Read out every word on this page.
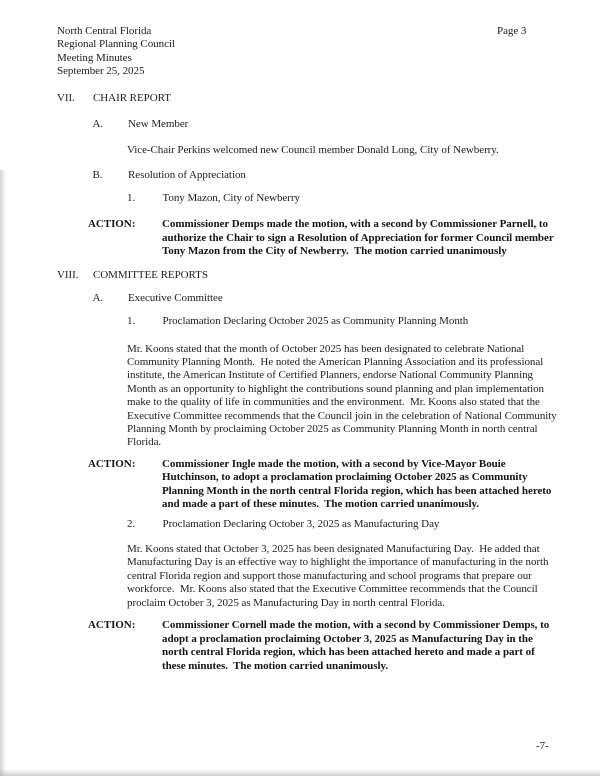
North Central Florida
Regional Planning Council
Meeting Minutes
September 25, 2025
Page 3
VII.	CHAIR REPORT
A.	New Member
Vice-Chair Perkins welcomed new Council member Donald Long, City of Newberry.
B.	Resolution of Appreciation
1.	Tony Mazon, City of Newberry
ACTION:	Commissioner Demps made the motion, with a second by Commissioner Parnell, to authorize the Chair to sign a Resolution of Appreciation for former Council member Tony Mazon from the City of Newberry.  The motion carried unanimously
VIII.	COMMITTEE REPORTS
A.	Executive Committee
1.	Proclamation Declaring October 2025 as Community Planning Month
Mr. Koons stated that the month of October 2025 has been designated to celebrate National Community Planning Month.  He noted the American Planning Association and its professional institute, the American Institute of Certified Planners, endorse National Community Planning Month as an opportunity to highlight the contributions sound planning and plan implementation make to the quality of life in communities and the environment.  Mr. Koons also stated that the Executive Committee recommends that the Council join in the celebration of National Community Planning Month by proclaiming October 2025 as Community Planning Month in north central Florida.
ACTION:	Commissioner Ingle made the motion, with a second by Vice-Mayor Bouie Hutchinson, to adopt a proclamation proclaiming October 2025 as Community Planning Month in the north central Florida region, which has been attached hereto and made a part of these minutes.  The motion carried unanimously.
2.	Proclamation Declaring October 3, 2025 as Manufacturing Day
Mr. Koons stated that October 3, 2025 has been designated Manufacturing Day.  He added that Manufacturing Day is an effective way to highlight the importance of manufacturing in the north central Florida region and support those manufacturing and school programs that prepare our workforce.  Mr. Koons also stated that the Executive Committee recommends that the Council proclaim October 3, 2025 as Manufacturing Day in north central Florida.
ACTION:	Commissioner Cornell made the motion, with a second by Commissioner Demps, to adopt a proclamation proclaiming October 3, 2025 as Manufacturing Day in the north central Florida region, which has been attached hereto and made a part of these minutes.  The motion carried unanimously.
-7-
